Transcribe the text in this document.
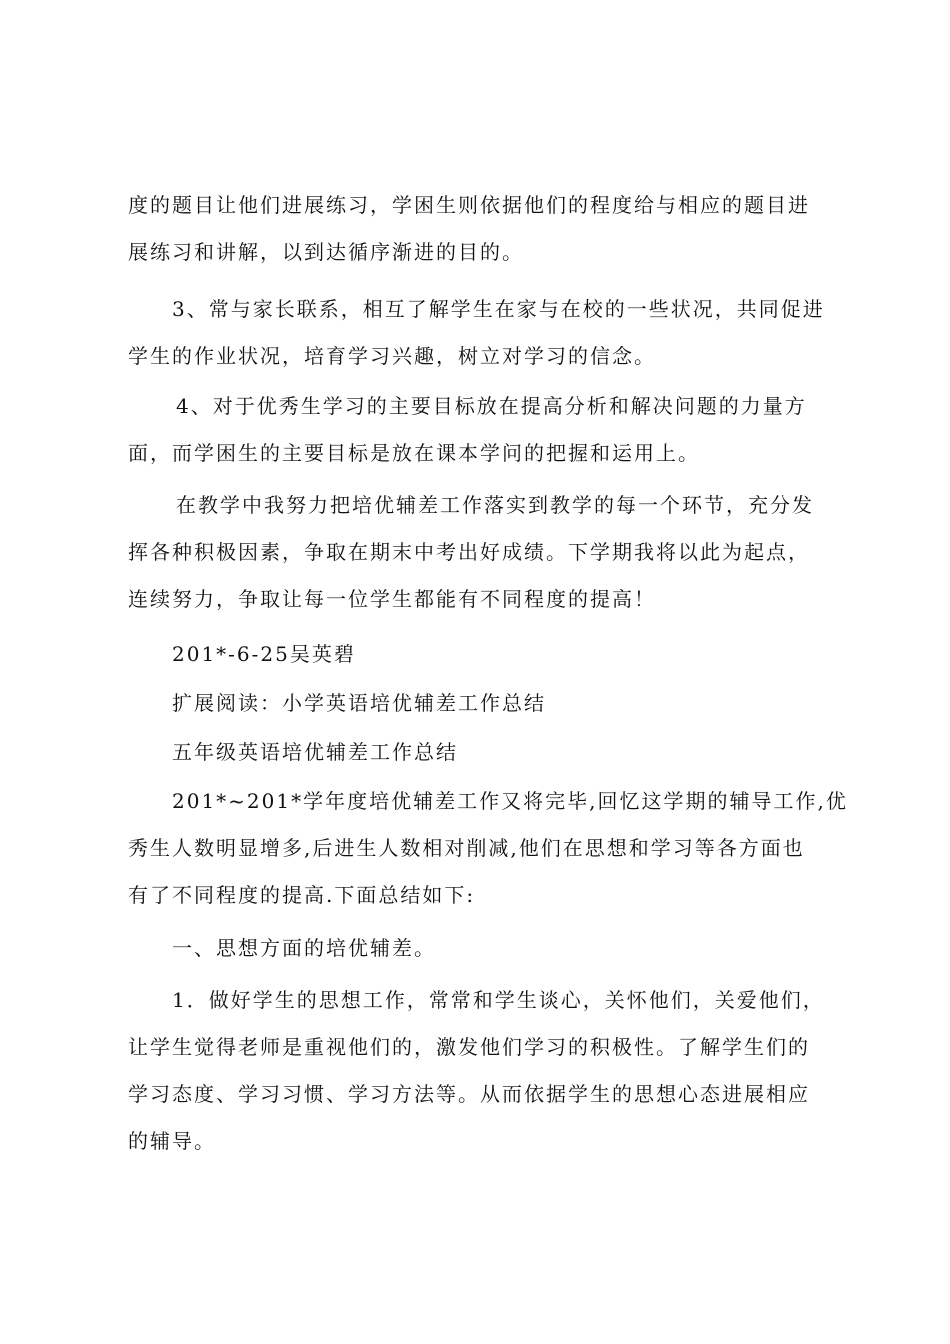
度的题目让他们进展练习，学困生则依据他们的程度给与相应的题目进
展练习和讲解，以到达循序渐进的目的。

3、常与家长联系，相互了解学生在家与在校的一些状况，共同促进
学生的作业状况，培育学习兴趣，树立对学习的信念。

4、对于优秀生学习的主要目标放在提高分析和解决问题的力量方
面，而学困生的主要目标是放在课本学问的把握和运用上。

在教学中我努力把培优辅差工作落实到教学的每一个环节，充分发
挥各种积极因素，争取在期末中考出好成绩。下学期我将以此为起点，
连续努力，争取让每一位学生都能有不同程度的提高！

201*-6-25吴英碧

扩展阅读：小学英语培优辅差工作总结

五年级英语培优辅差工作总结

201*~201*学年度培优辅差工作又将完毕,回忆这学期的辅导工作,优
秀生人数明显增多,后进生人数相对削减,他们在思想和学习等各方面也
有了不同程度的提高.下面总结如下:

一、思想方面的培优辅差。

1．做好学生的思想工作，常常和学生谈心，关怀他们，关爱他们，
让学生觉得老师是重视他们的，激发他们学习的积极性。了解学生们的
学习态度、学习习惯、学习方法等。从而依据学生的思想心态进展相应
的辅导。
